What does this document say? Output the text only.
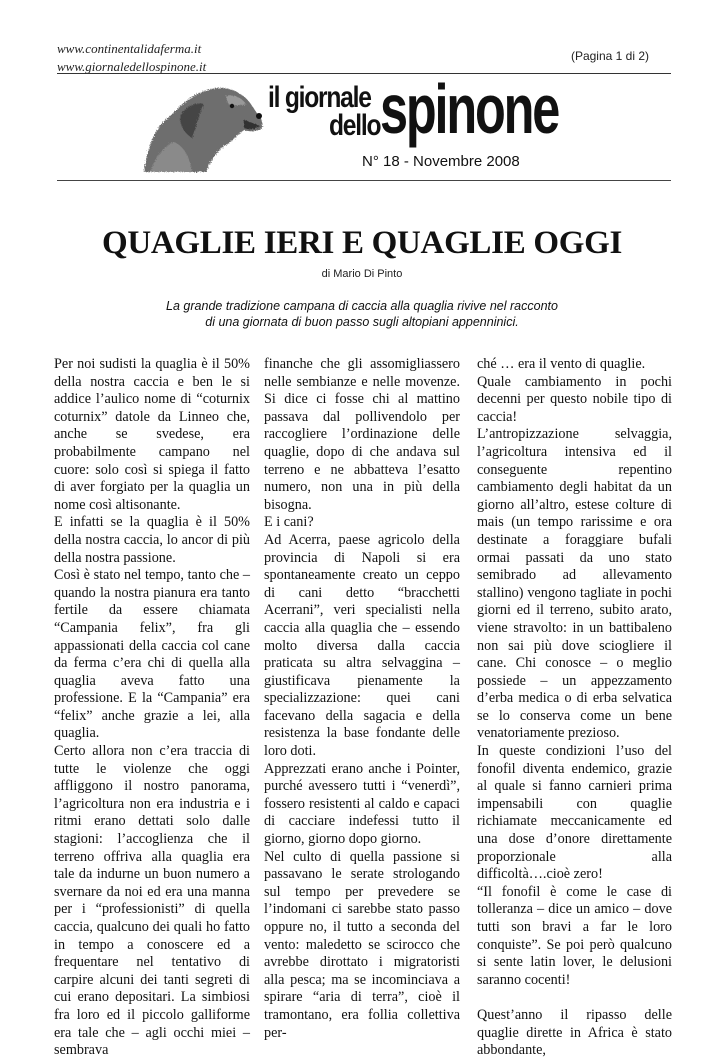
www.continentalidaferma.it
www.giornaledellospinone.it
(Pagina 1 di 2)
il giornale
dello spinone
N° 18 - Novembre 2008
QUAGLIE IERI E QUAGLIE OGGI
di Mario Di Pinto
La grande tradizione campana di caccia alla quaglia rivive nel racconto
di una giornata di buon passo sugli altopiani appenninici.

Per noi sudisti la quaglia è il 50% della nostra caccia e ben le si addice l’aulico nome di “coturnix coturnix” datole da Linneo che, anche se svedese, era probabilmente campano nel cuore: solo così si spiega il fatto di aver forgiato per la quaglia un nome così altisonante.

E infatti se la quaglia è il 50% della nostra caccia, lo ancor di più della nostra passione.

Così è stato nel tempo, tanto che – quando la nostra pianura era tanto fertile da essere chiamata “Campania felix”, fra gli appassionati della caccia col cane da ferma c’era chi di quella alla quaglia aveva fatto una professione. E la “Campania” era “felix” anche grazie a lei, alla quaglia.

Certo allora non c’era traccia di tutte le violenze che oggi affliggono il nostro panorama, l’agricoltura non era industria e i ritmi erano dettati solo dalle stagioni: l’accoglienza che il terreno offriva alla quaglia era tale da indurne un buon numero a svernare da noi ed era una manna per i “professionisti” di quella caccia, qualcuno dei quali ho fatto in tempo a conoscere ed a frequentare nel tentativo di carpire alcuni dei tanti segreti di cui erano depositari. La simbiosi fra loro ed il piccolo galliforme era tale che – agli occhi miei – sembrava

finanche che gli assomigliassero nelle sembianze e nelle movenze. Si dice ci fosse chi al mattino passava dal pollivendolo per raccogliere l’ordinazione delle quaglie, dopo di che andava sul terreno e ne abbatteva l’esatto numero, non una in più della bisogna.

E i cani?

Ad Acerra, paese agricolo della provincia di Napoli si era spontaneamente creato un ceppo di cani detto “bracchetti Acerrani”, veri specialisti nella caccia alla quaglia che – essendo molto diversa dalla caccia praticata su altra selvaggina – giustificava pienamente la specializzazione: quei cani facevano della sagacia e della resistenza la base fondante delle loro doti.

Apprezzati erano anche i Pointer, purché avessero tutti i “venerdì”, fossero resistenti al caldo e capaci di cacciare indefessi tutto il giorno, giorno dopo giorno.

Nel culto di quella passione si passavano le serate strologando sul tempo per prevedere se l’indomani ci sarebbe stato passo oppure no, il tutto a seconda del vento: maledetto se scirocco che avrebbe dirottato i migratoristi alla pesca; ma se incominciava a spirare “aria di terra”, cioè il tramontano, era follia collettiva per-

ché … era il vento di quaglie.

Quale cambiamento in pochi decenni per questo nobile tipo di caccia!

L’antropizzazione selvaggia, l’agricoltura intensiva ed il conseguente repentino cambiamento degli habitat da un giorno all’altro, estese colture di mais (un tempo rarissime e ora destinate a foraggiare bufali ormai passati da uno stato semibrado ad allevamento stallino) vengono tagliate in pochi giorni ed il terreno, subito arato, viene stravolto: in un battibaleno non sai più dove sciogliere il cane. Chi conosce – o meglio possiede – un appezzamento d’erba medica o di erba selvatica se lo conserva come un bene venatoriamente prezioso.

In queste condizioni l’uso del fonofil diventa endemico, grazie al quale si fanno carnieri prima impensabili con quaglie richiamate meccanicamente ed una dose d’onore direttamente proporzionale alla difficoltà….cioè zero!

“Il fonofil è come le case di tolleranza – dice un amico – dove tutti son bravi a far le loro conquiste”. Se poi però qualcuno si sente latin lover, le delusioni saranno cocenti!

Quest’anno il ripasso delle quaglie dirette in Africa è stato abbondante,
